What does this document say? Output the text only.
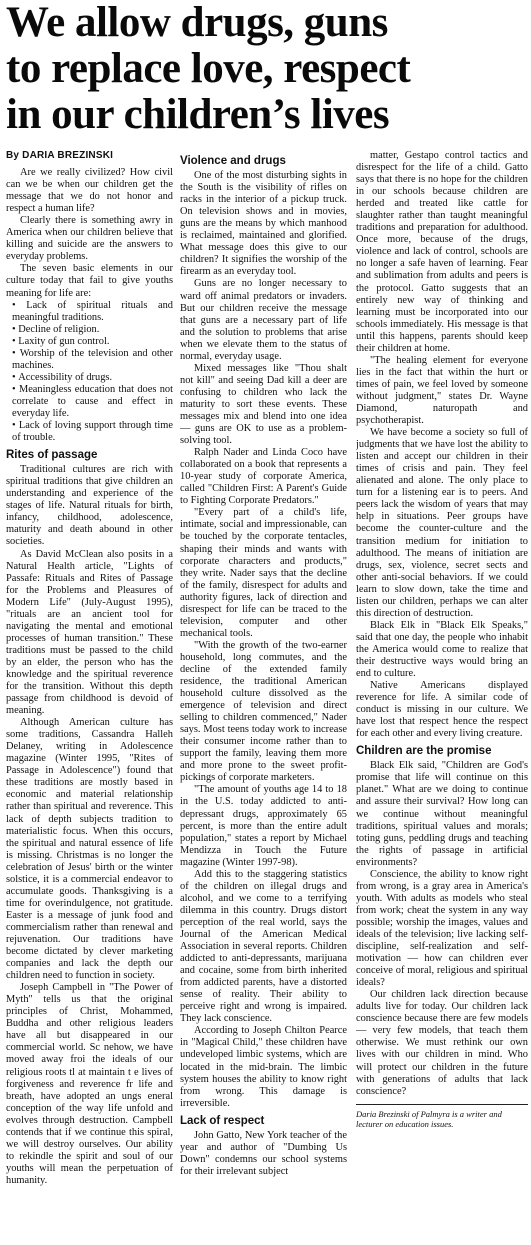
We allow drugs, guns
to replace love, respect
in our children’s lives
By DARIA BREZINSKI

Are we really civilized? How civil can we be when our children get the message that we do not honor and respect a human life?

Clearly there is something awry in America when our children believe that killing and suicide are the answers to everyday problems.

The seven basic elements in our culture today that fail to give youths meaning for life are:

• Lack of spiritual rituals and meaningful traditions.

• Decline of religion.

• Laxity of gun control.

• Worship of the television and other machines.

• Accessibility of drugs.

• Meaningless education that does not correlate to cause and effect in everyday life.

• Lack of loving support through time of trouble.

Rites of passage

Traditional cultures are rich with spiritual traditions that give children an understanding and experience of the stages of life. Natural rituals for birth, infancy, childhood, adolescence, maturity and death abound in other societies.

As David McClean also posits in a Natural Health article, "Lights of Passafe: Rituals and Rites of Passage for the Problems and Pleasures of Modern Life" (July-August 1995), "rituals are an ancient tool for navigating the mental and emotional processes of human transition." These traditions must be passed to the child by an elder, the person who has the knowledge and the spiritual reverence for the transition. Without this depth passage from childhood is devoid of meaning.

Although American culture has some traditions, Cassandra Halleh Delaney, writing in Adolescence magazine (Winter 1995, "Rites of Passage in Adolescence") found that these traditions are mostly based in economic and material relationship rather than spiritual and reverence. This lack of depth subjects tradition to materialistic focus. When this occurs, the spiritual and natural essence of life is missing. Christmas is no longer the celebration of Jesus' birth or the winter solstice, it is a commercial endeavor to accumulate goods. Thanksgiving is a time for overindulgence, not gratitude. Easter is a message of junk food and commercialism rather than renewal and rejuvenation. Our traditions have become dictated by clever marketing companies and lack the depth our children need to function in society.

Joseph Campbell in "The Power of Myth" tells us that the original principles of Christ, Mohammed, Buddha and other religious leaders have all but disappeared in our commercial world. Sc nehow, we have moved away froi the ideals of our religious roots tl at maintain t e lives of forgiveness and reverence fr life and breath, have adopted an ungs eneral conception of the way life unfold and evolves through destruction. Campbell contends that if we continue this spiral, we will destroy ourselves. Our ability to rekindle the spirit and soul of our youths will mean the perpetuation of humanity.

Violence and drugs

One of the most disturbing sights in the South is the visibility of rifles on racks in the interior of a pickup truck. On television shows and in movies, guns are the means by which manhood is reclaimed, maintained and glorified. What message does this give to our children? It signifies the worship of the firearm as an everyday tool.

Guns are no longer necessary to ward off animal predators or invaders. But our children receive the message that guns are a necessary part of life and the solution to problems that arise when we elevate them to the status of normal, everyday usage.

Mixed messages like "Thou shalt not kill" and seeing Dad kill a deer are confusing to children who lack the maturity to sort these events. These messages mix and blend into one idea — guns are OK to use as a problem-solving tool.

Ralph Nader and Linda Coco have collaborated on a book that represents a 10-year study of corporate America, called "Children First: A Parent's Guide to Fighting Corporate Predators."

"Every part of a child's life, intimate, social and impressionable, can be touched by the corporate tentacles, shaping their minds and wants with corporate characters and products," they write. Nader says that the decline of the family, disrespect for adults and authority figures, lack of direction and disrespect for life can be traced to the television, computer and other mechanical tools.

"With the growth of the two-earner household, long commutes, and the decline of the extended family residence, the traditional American household culture dissolved as the emergence of television and direct selling to children commenced," Nader says. Most teens today work to increase their consumer income rather than to support the family, leaving them more and more prone to the sweet profit-pickings of corporate marketers.

"The amount of youths age 14 to 18 in the U.S. today addicted to anti-depressant drugs, approximately 65 percent, is more than the entire adult population," states a report by Michael Mendizza in Touch the Future magazine (Winter 1997-98).

Add this to the staggering statistics of the children on illegal drugs and alcohol, and we come to a terrifying dilemma in this country. Drugs distort perception of the real world, says the Journal of the American Medical Association in several reports. Children addicted to anti-depressants, marijuana and cocaine, some from birth inherited from addicted parents, have a distorted sense of reality. Their ability to perceive right and wrong is impaired. They lack conscience.

According to Joseph Chilton Pearce in "Magical Child," these children have undeveloped limbic systems, which are located in the mid-brain. The limbic system houses the ability to know right from wrong. This damage is irreversible.

Lack of respect

John Gatto, New York teacher of the year and author of "Dumbing Us Down" condemns our school systems for their irrelevant subject

matter, Gestapo control tactics and disrespect for the life of a child. Gatto says that there is no hope for the children in our schools because children are herded and treated like cattle for slaughter rather than taught meaningful traditions and preparation for adulthood. Once more, because of the drugs, violence and lack of control, schools are no longer a safe haven of learning. Fear and sublimation from adults and peers is the protocol. Gatto suggests that an entirely new way of thinking and learning must be incorporated into our schools immediately. His message is that until this happens, parents should keep their children at home.

"The healing element for everyone lies in the fact that within the hurt or times of pain, we feel loved by someone without judgment," states Dr. Wayne Diamond, naturopath and psychotherapist.

We have become a society so full of judgments that we have lost the ability to listen and accept our children in their times of crisis and pain. They feel alienated and alone. The only place to turn for a listening ear is to peers. And peers lack the wisdom of years that may help in situations. Peer groups have become the counter-culture and the transition medium for initiation to adulthood. The means of initiation are drugs, sex, violence, secret sects and other anti-social behaviors. If we could learn to slow down, take the time and listen our children, perhaps we can alter this direction of destruction.

Black Elk in "Black Elk Speaks," said that one day, the people who inhabit the America would come to realize that their destructive ways would bring an end to culture.

Native Americans displayed reverence for life. A similar code of conduct is missing in our culture. We have lost that respect hence the respect for each other and every living creature.

Children are the promise

Black Elk said, "Children are God's promise that life will continue on this planet." What are we doing to continue and assure their survival? How long can we continue without meaningful traditions, spiritual values and morals; toting guns, peddling drugs and teaching the rights of passage in artificial environments?

Conscience, the ability to know right from wrong, is a gray area in America's youth. With adults as models who steal from work; cheat the system in any way possible; worship the images, values and ideals of the television; live lacking self-discipline, self-realization and self-motivation — how can children ever conceive of moral, religious and spiritual ideals?

Our children lack direction because adults live for today. Our children lack conscience because there are few models — very few models, that teach them otherwise. We must rethink our own lives with our children in mind. Who will protect our children in the future with generations of adults that lack conscience?

Daria Brezinski of Palmyra is a writer and lecturer on education issues.
